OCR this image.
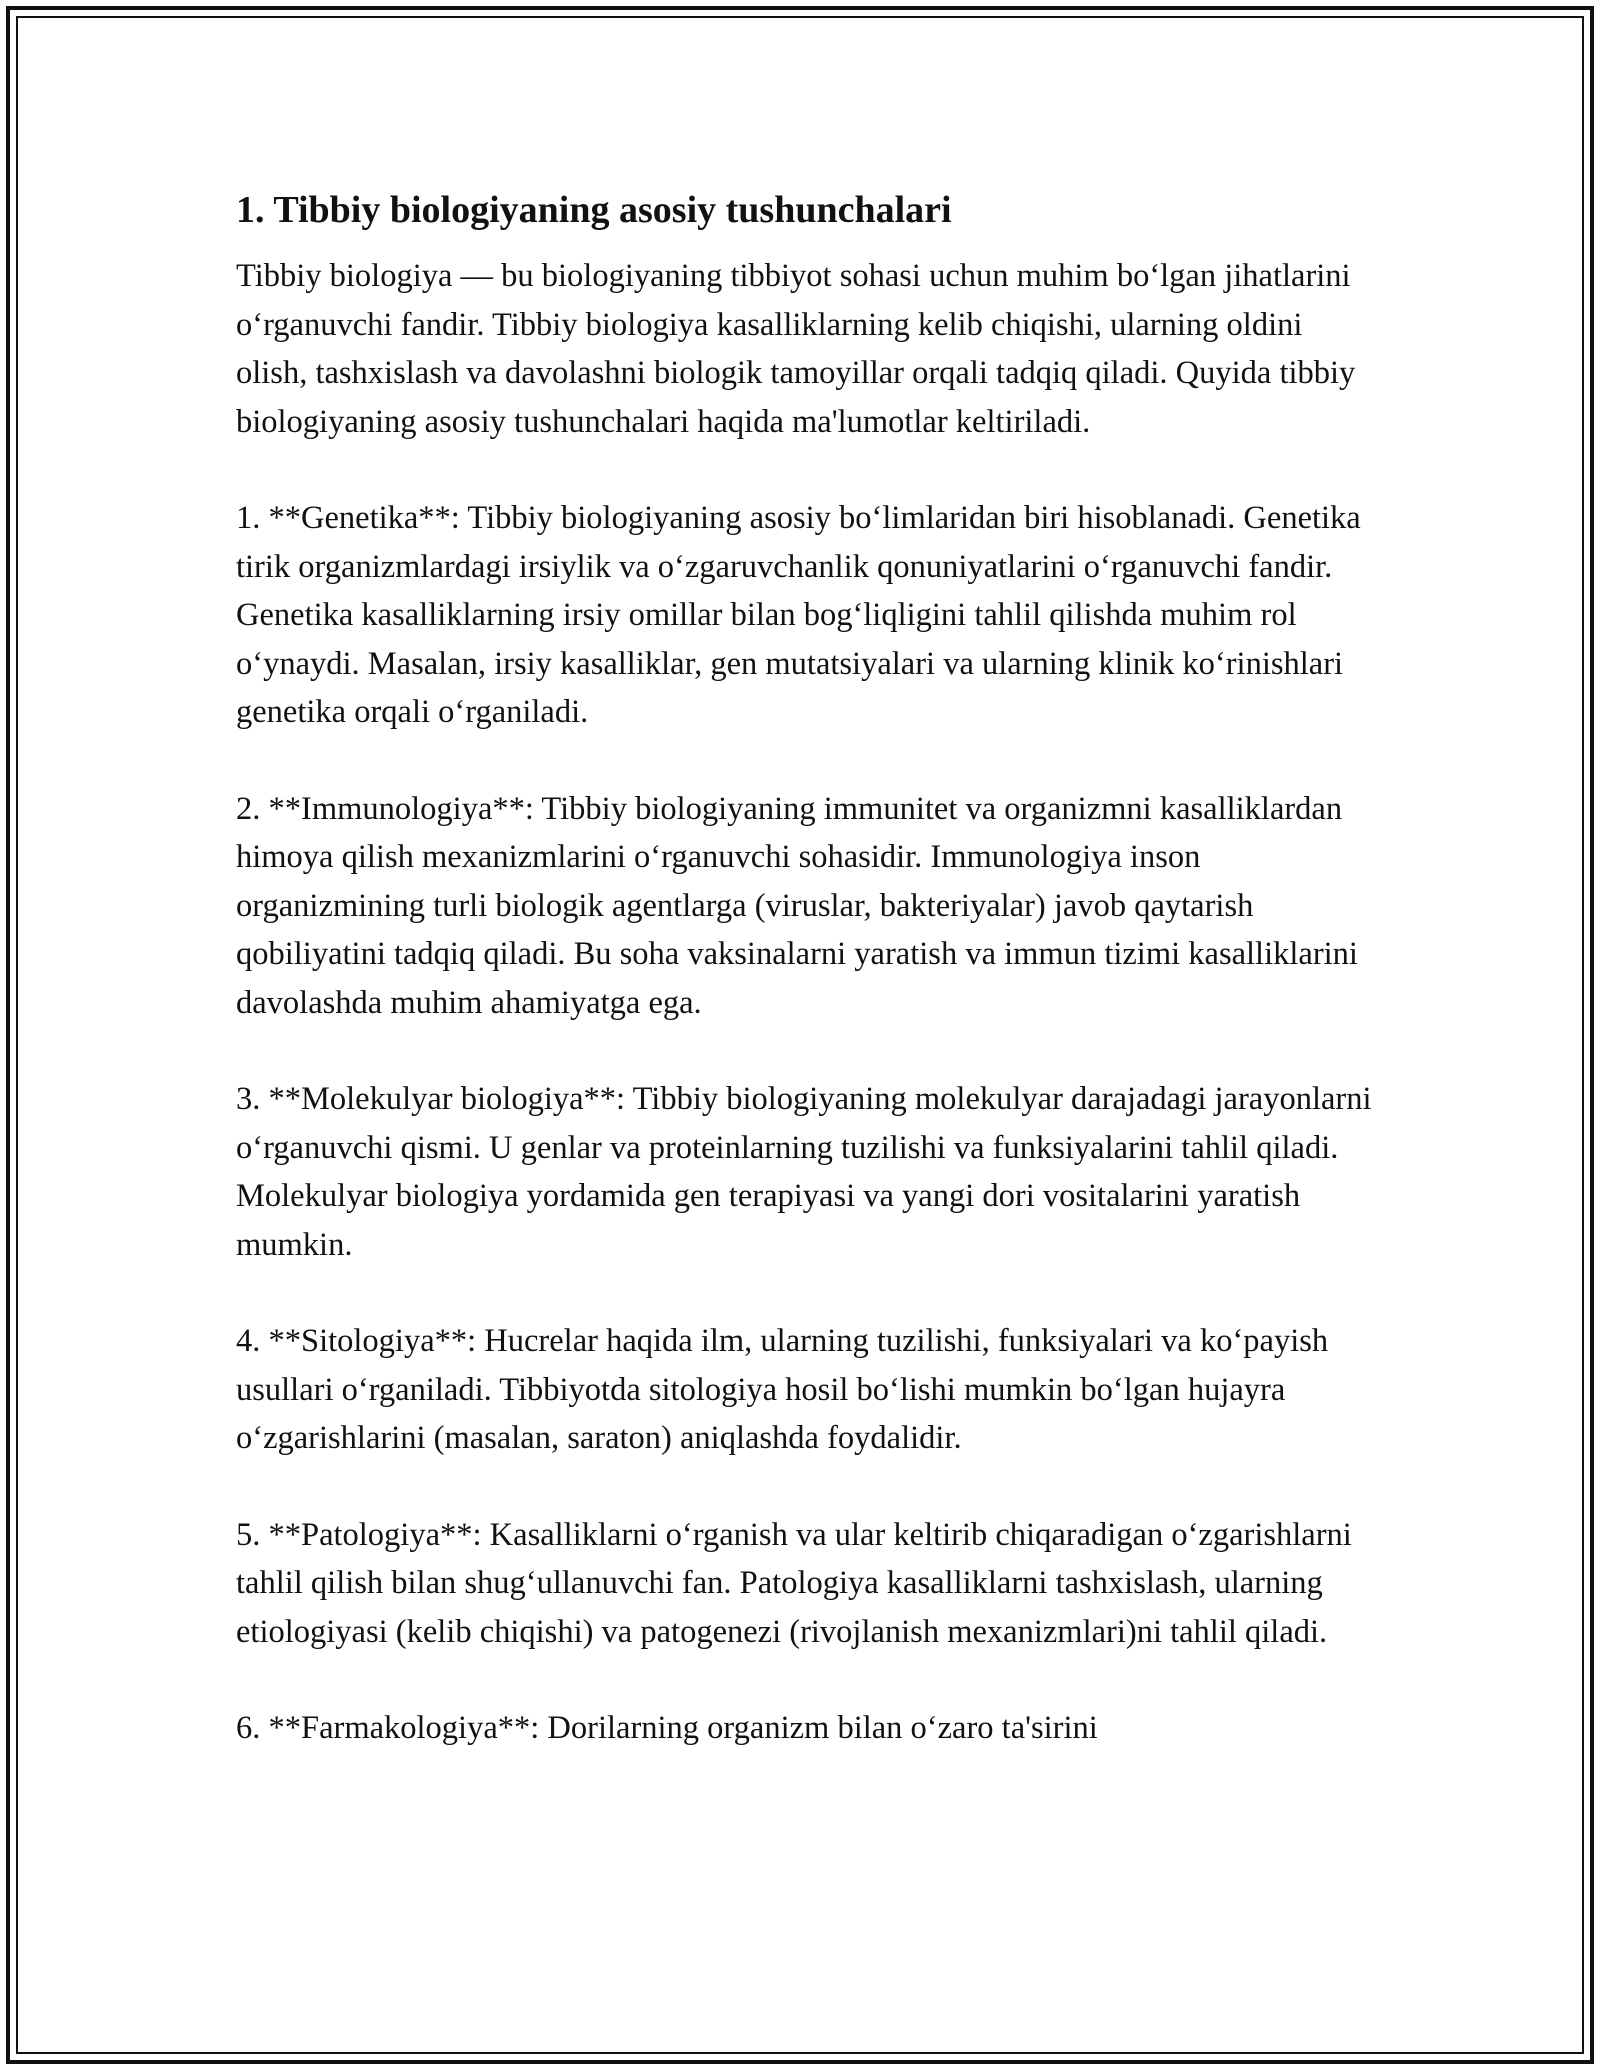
1. Tibbiy biologiyaning asosiy tushunchalari

Tibbiy biologiya — bu biologiyaning tibbiyot sohasi uchun muhim bo‘lgan jihatlarini o‘rganuvchi fandir. Tibbiy biologiya kasalliklarning kelib chiqishi, ularning oldini olish, tashxislash va davolashni biologik tamoyillar orqali tadqiq qiladi. Quyida tibbiy biologiyaning asosiy tushunchalari haqida ma'lumotlar keltiriladi.

1. **Genetika**: Tibbiy biologiyaning asosiy bo‘limlaridan biri hisoblanadi. Genetika tirik organizmlardagi irsiylik va o‘zgaruvchanlik qonuniyatlarini o‘rganuvchi fandir. Genetika kasalliklarning irsiy omillar bilan bog‘liqligini tahlil qilishda muhim rol o‘ynaydi. Masalan, irsiy kasalliklar, gen mutatsiyalari va ularning klinik ko‘rinishlari genetika orqali o‘rganiladi.

2. **Immunologiya**: Tibbiy biologiyaning immunitet va organizmni kasalliklardan himoya qilish mexanizmlarini o‘rganuvchi sohasidir. Immunologiya inson organizmining turli biologik agentlarga (viruslar, bakteriyalar) javob qaytarish qobiliyatini tadqiq qiladi. Bu soha vaksinalarni yaratish va immun tizimi kasalliklarini davolashda muhim ahamiyatga ega.

3. **Molekulyar biologiya**: Tibbiy biologiyaning molekulyar darajadagi jarayonlarni o‘rganuvchi qismi. U genlar va proteinlarning tuzilishi va funksiyalarini tahlil qiladi. Molekulyar biologiya yordamida gen terapiyasi va yangi dori vositalarini yaratish mumkin.

4. **Sitologiya**: Hucrelar haqida ilm, ularning tuzilishi, funksiyalari va ko‘payish usullari o‘rganiladi. Tibbiyotda sitologiya hosil bo‘lishi mumkin bo‘lgan hujayra o‘zgarishlarini (masalan, saraton) aniqlashda foydalidir.

5. **Patologiya**: Kasalliklarni o‘rganish va ular keltirib chiqaradigan o‘zgarishlarni tahlil qilish bilan shug‘ullanuvchi fan. Patologiya kasalliklarni tashxislash, ularning etiologiyasi (kelib chiqishi) va patogenezi (rivojlanish mexanizmlari)ni tahlil qiladi.

6. **Farmakologiya**: Dorilarning organizm bilan o‘zaro ta'sirini
